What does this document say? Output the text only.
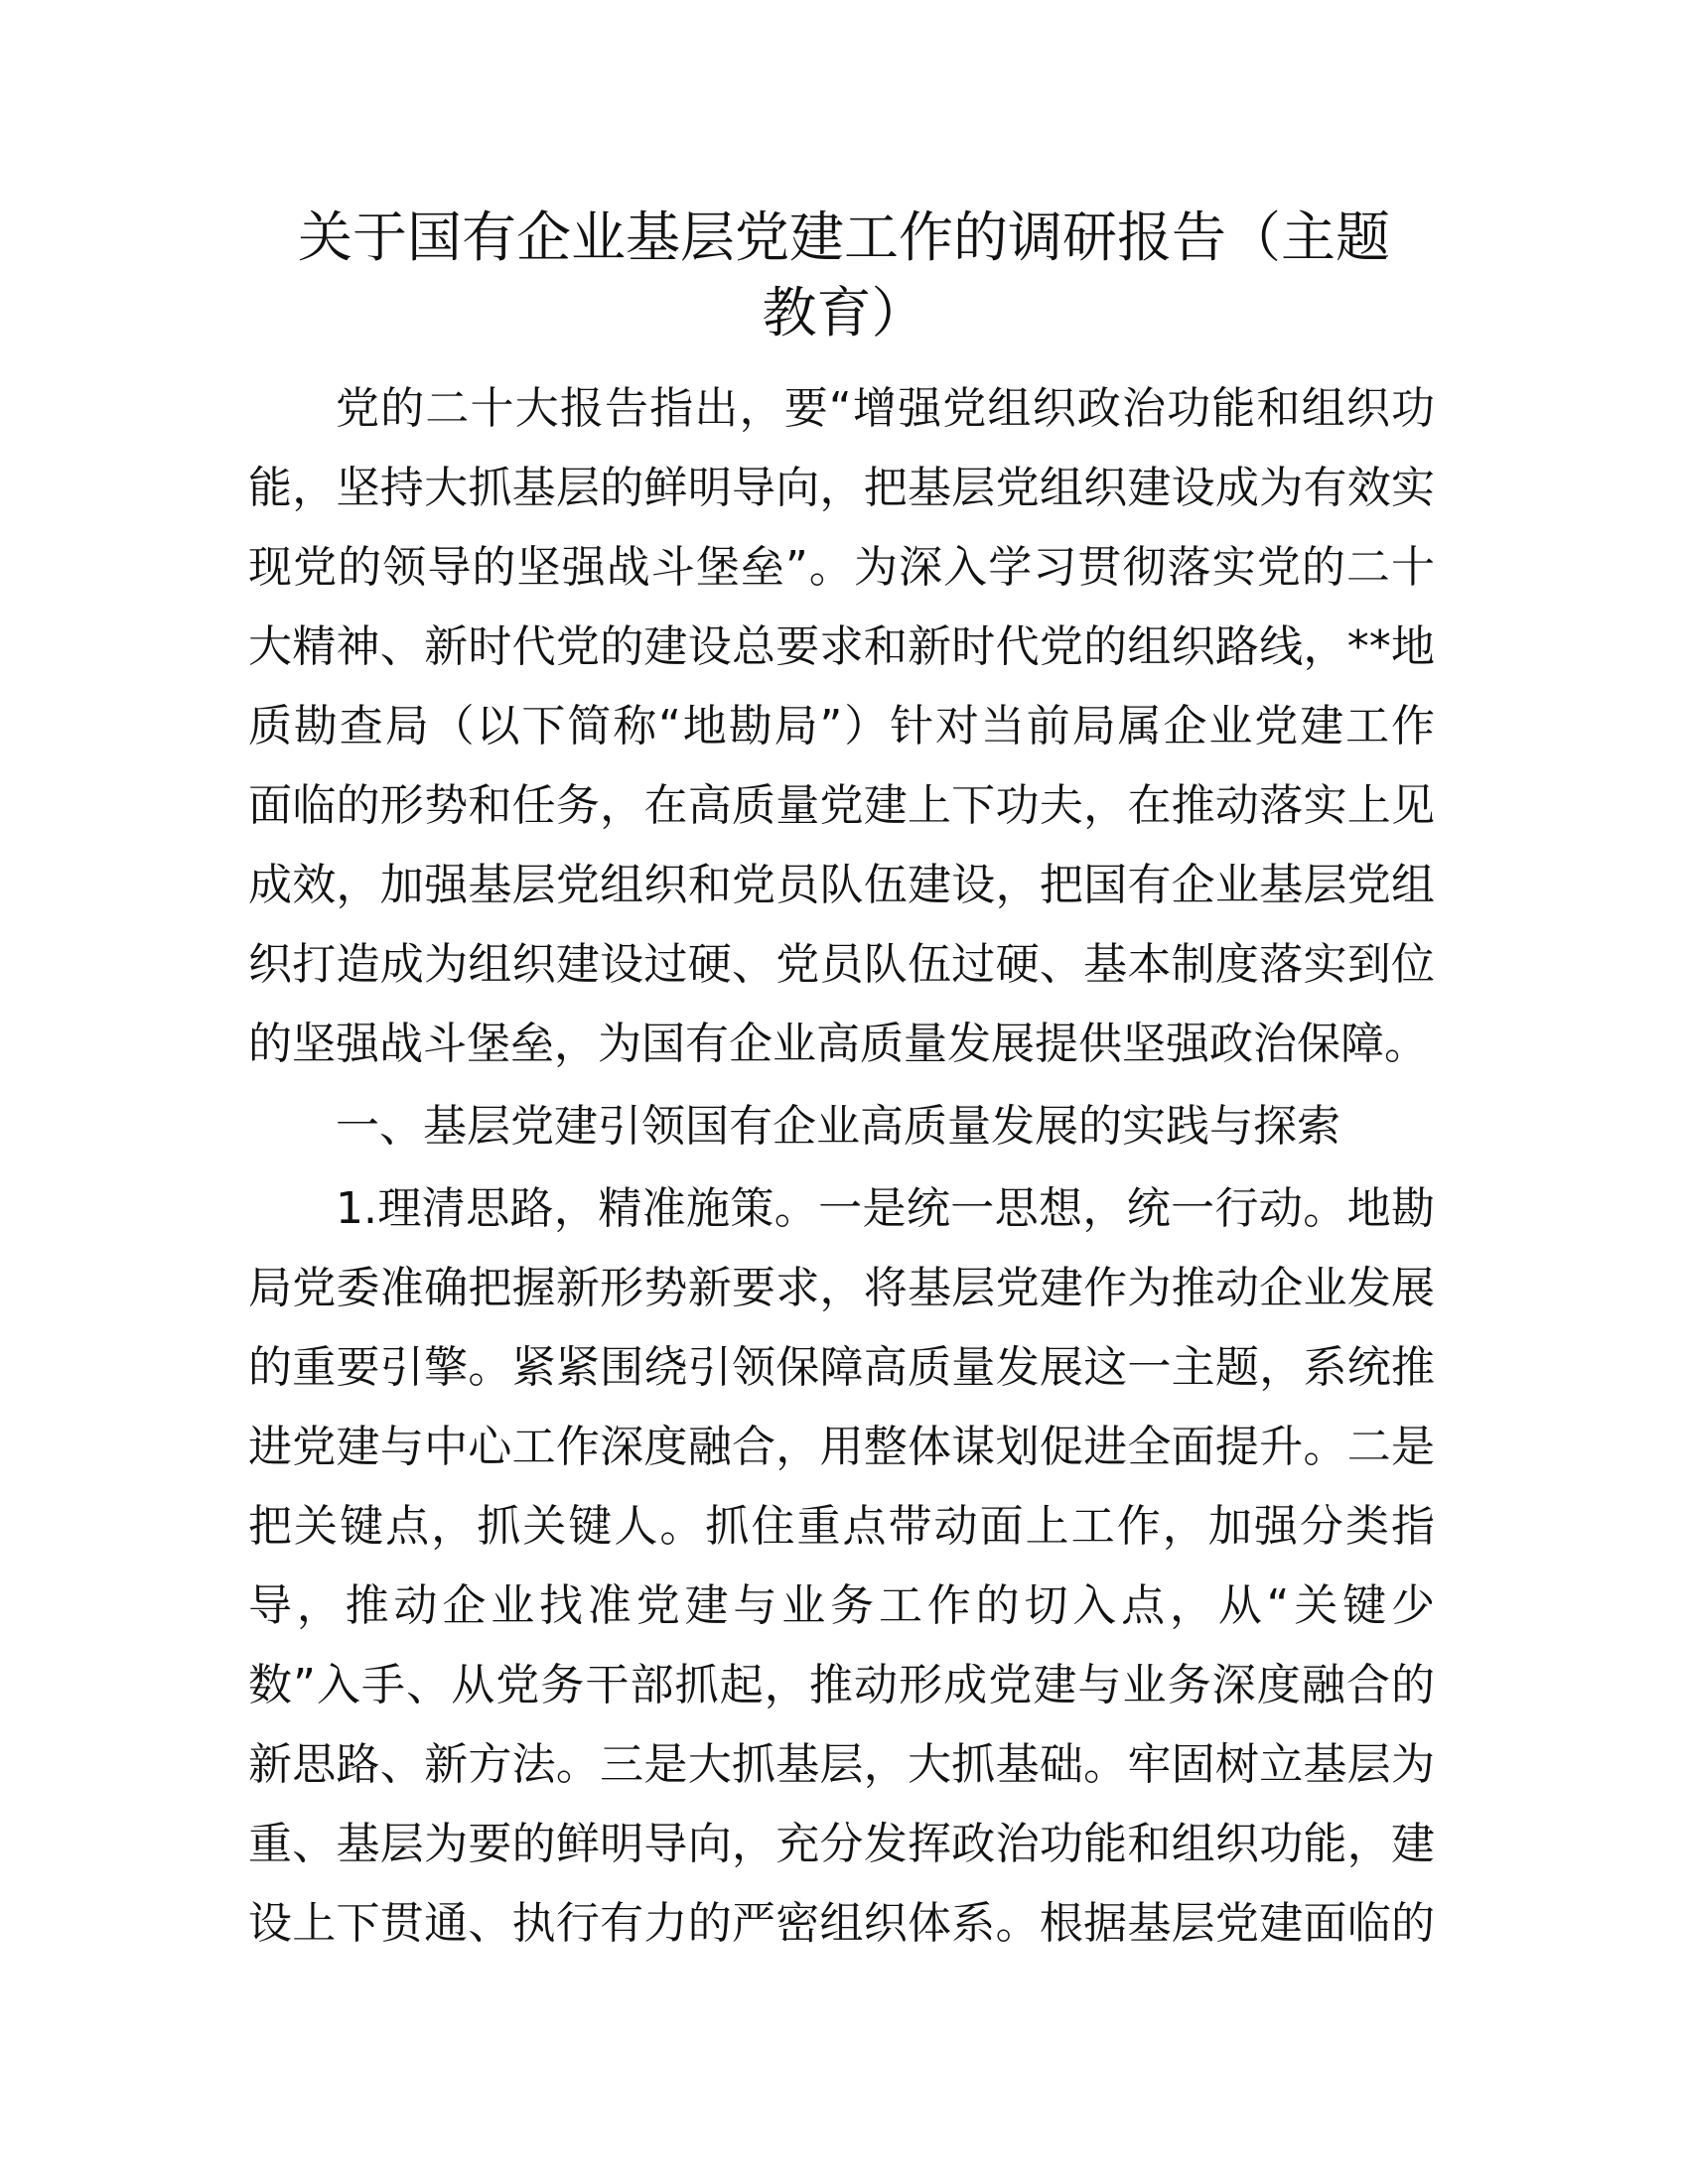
关于国有企业基层党建工作的调研报告（主题
教育）
党的二十大报告指出，要“增强党组织政治功能和组织功
能，坚持大抓基层的鲜明导向，把基层党组织建设成为有效实
现党的领导的坚强战斗堡垒”。为深入学习贯彻落实党的二十
大精神、新时代党的建设总要求和新时代党的组织路线，**地
质勘查局（以下简称“地勘局”）针对当前局属企业党建工作
面临的形势和任务，在高质量党建上下功夫，在推动落实上见
成效，加强基层党组织和党员队伍建设，把国有企业基层党组
织打造成为组织建设过硬、党员队伍过硬、基本制度落实到位
的坚强战斗堡垒，为国有企业高质量发展提供坚强政治保障。
一、基层党建引领国有企业高质量发展的实践与探索
1.理清思路，精准施策。一是统一思想，统一行动。地勘
局党委准确把握新形势新要求，将基层党建作为推动企业发展
的重要引擎。紧紧围绕引领保障高质量发展这一主题，系统推
进党建与中心工作深度融合，用整体谋划促进全面提升。二是
把关键点，抓关键人。抓住重点带动面上工作，加强分类指
导，推动企业找准党建与业务工作的切入点，从“关键少
数”入手、从党务干部抓起，推动形成党建与业务深度融合的
新思路、新方法。三是大抓基层，大抓基础。牢固树立基层为
重、基层为要的鲜明导向，充分发挥政治功能和组织功能，建
设上下贯通、执行有力的严密组织体系。根据基层党建面临的
